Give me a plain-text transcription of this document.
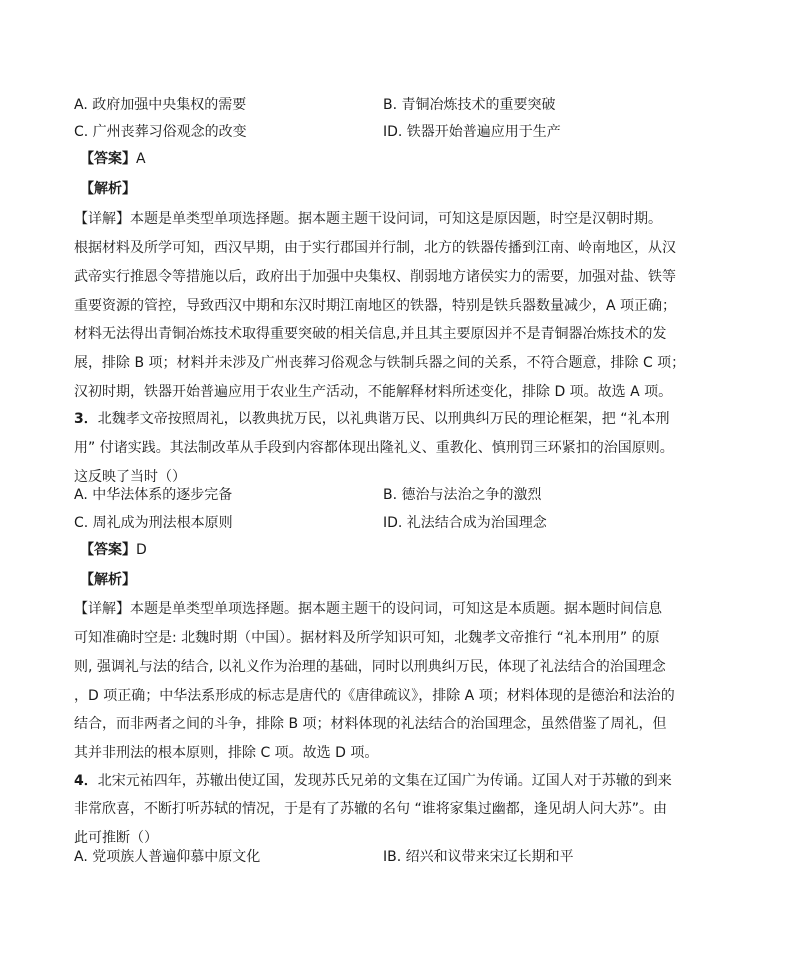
A. 政府加强中央集权的需要	B. 青铜冶炼技术的重要突破
C. 广州丧葬习俗观念的改变	ID. 铁器开始普遍应用于生产
【答案】A
【解析】
【详解】本题是单类型单项选择题。据本题主题干设问词，可知这是原因题，时空是汉朝时期。
根据材料及所学可知，西汉早期，由于实行郡国并行制，北方的铁器传播到江南、岭南地区，从汉
武帝实行推恩令等措施以后，政府出于加强中央集权、削弱地方诸侯实力的需要，加强对盐、铁等
重要资源的管控，导致西汉中期和东汉时期江南地区的铁器，特别是铁兵器数量减少，A 项正确；
材料无法得出青铜冶炼技术取得重要突破的相关信息,并且其主要原因并不是青铜器冶炼技术的发
展，排除 B 项；材料并未涉及广州丧葬习俗观念与铁制兵器之间的关系，不符合题意，排除 C 项；
汉初时期，铁器开始普遍应用于农业生产活动，不能解释材料所述变化，排除 D 项。故选 A 项。
3．北魏孝文帝按照周礼，以教典扰万民，以礼典谐万民、以刑典纠万民的理论框架，把 “礼本刑
用” 付诸实践。其法制改革从手段到内容都体现出隆礼义、重教化、慎刑罚三环紧扣的治国原则。
这反映了当时（）
A. 中华法体系的逐步完备	B. 德治与法治之争的激烈
C. 周礼成为刑法根本原则	ID. 礼法结合成为治国理念
【答案】D
【解析】
【详解】本题是单类型单项选择题。据本题主题干的设问词，可知这是本质题。据本题时间信息
可知准确时空是: 北魏时期（中国）。据材料及所学知识可知，北魏孝文帝推行 “礼本刑用” 的原
则, 强调礼与法的结合, 以礼义作为治理的基础，同时以刑典纠万民，体现了礼法结合的治国理念
，D 项正确；中华法系形成的标志是唐代的《唐律疏议》，排除 A 项；材料体现的是德治和法治的
结合，而非两者之间的斗争，排除 B 项；材料体现的礼法结合的治国理念，虽然借鉴了周礼，但
其并非刑法的根本原则，排除 C 项。故选 D 项。
4．北宋元祐四年，苏辙出使辽国，发现苏氏兄弟的文集在辽国广为传诵。辽国人对于苏辙的到来
非常欣喜，不断打听苏轼的情况，于是有了苏辙的名句 “谁将家集过幽都，逢见胡人问大苏”。由
此可推断（）
A. 党项族人普遍仰慕中原文化	IB. 绍兴和议带来宋辽长期和平
